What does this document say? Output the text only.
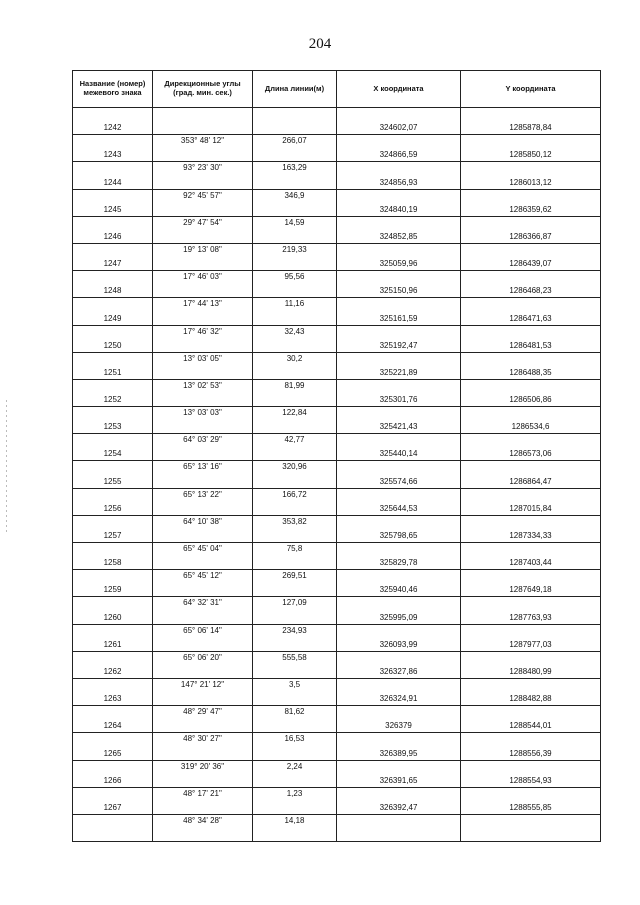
204
Название (номер) межевого знака	Дирекционные углы (град. мин. сек.)	Длина линии(м)	X координата	Y координата

1242			324602,07	1285878,84

1243	353° 48' 12"	266,07	324866,59	1285850,12

1244	93° 23' 30"	163,29	324856,93	1286013,12

1245	92° 45' 57"	346,9	324840,19	1286359,62

1246	29° 47' 54"	14,59	324852,85	1286366,87

1247	19° 13' 08"	219,33	325059,96	1286439,07

1248	17° 46' 03"	95,56	325150,96	1286468,23

1249	17° 44' 13"	11,16	325161,59	1286471,63

1250	17° 46' 32"	32,43	325192,47	1286481,53

1251	13° 03' 05"	30,2	325221,89	1286488,35

1252	13° 02' 53"	81,99	325301,76	1286506,86

1253	13° 03' 03"	122,84	325421,43	1286534,6

1254	64° 03' 29"	42,77	325440,14	1286573,06

1255	65° 13' 16"	320,96	325574,66	1286864,47

1256	65° 13' 22"	166,72	325644,53	1287015,84

1257	64° 10' 38"	353,82	325798,65	1287334,33

1258	65° 45' 04"	75,8	325829,78	1287403,44

1259	65° 45' 12"	269,51	325940,46	1287649,18

1260	64° 32' 31"	127,09	325995,09	1287763,93

1261	65° 06' 14"	234,93	326093,99	1287977,03

1262	65° 06' 20"	555,58	326327,86	1288480,99

1263	147° 21' 12"	3,5	326324,91	1288482,88

1264	48° 29' 47"	81,62	326379	1288544,01

1265	48° 30' 27"	16,53	326389,95	1288556,39

1266	319° 20' 36"	2,24	326391,65	1288554,93

1267	48° 17' 21"	1,23	326392,47	1288555,85

	48° 34' 28"	14,18		
